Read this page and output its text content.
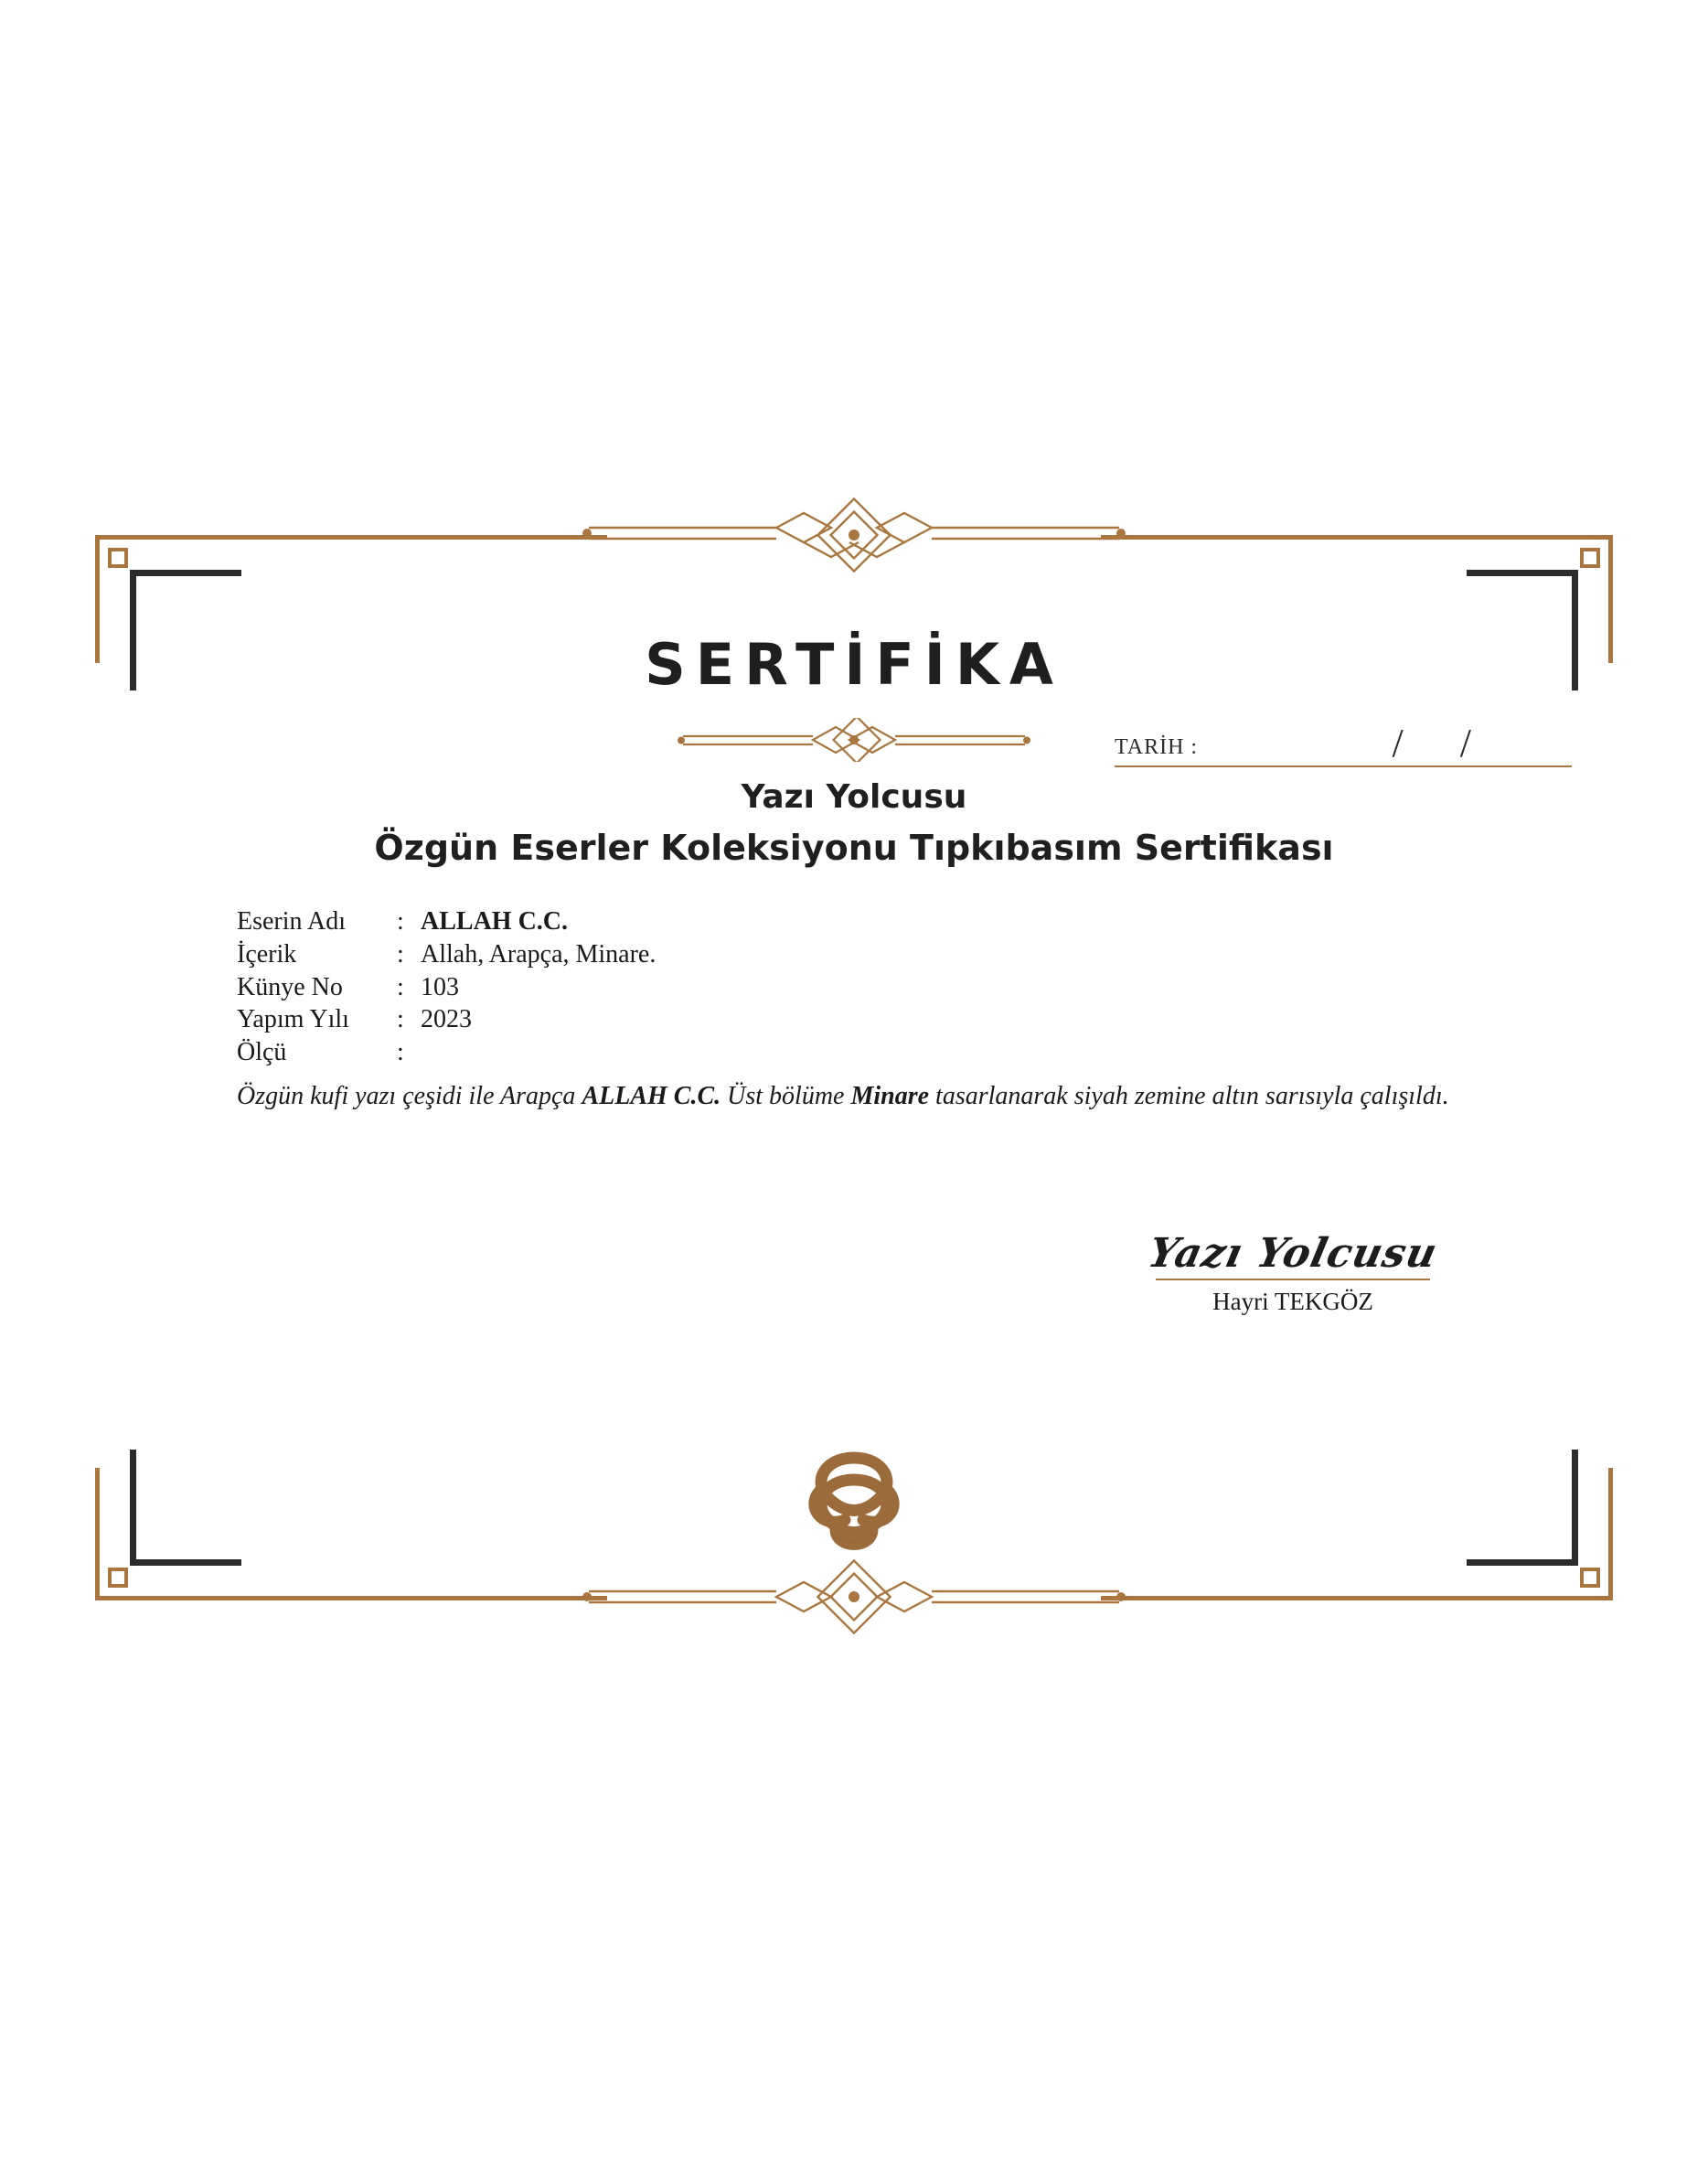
SERTİFİKA
TARİH :	/ /
Yazı Yolcusu
Özgün Eserler Koleksiyonu Tıpkıbasım Sertifikası
Eserin Adı	: ALLAH C.C.
İçerik	: Allah, Arapça, Minare.
Künye No	: 103
Yapım Yılı	: 2023
Ölçü	:
Özgün kufi yazı çeşidi ile Arapça ALLAH C.C. Üst bölüme Minare tasarlanarak siyah zemine altın sarısıyla çalışıldı.
Yazı Yolcusu
Hayri TEKGÖZ
